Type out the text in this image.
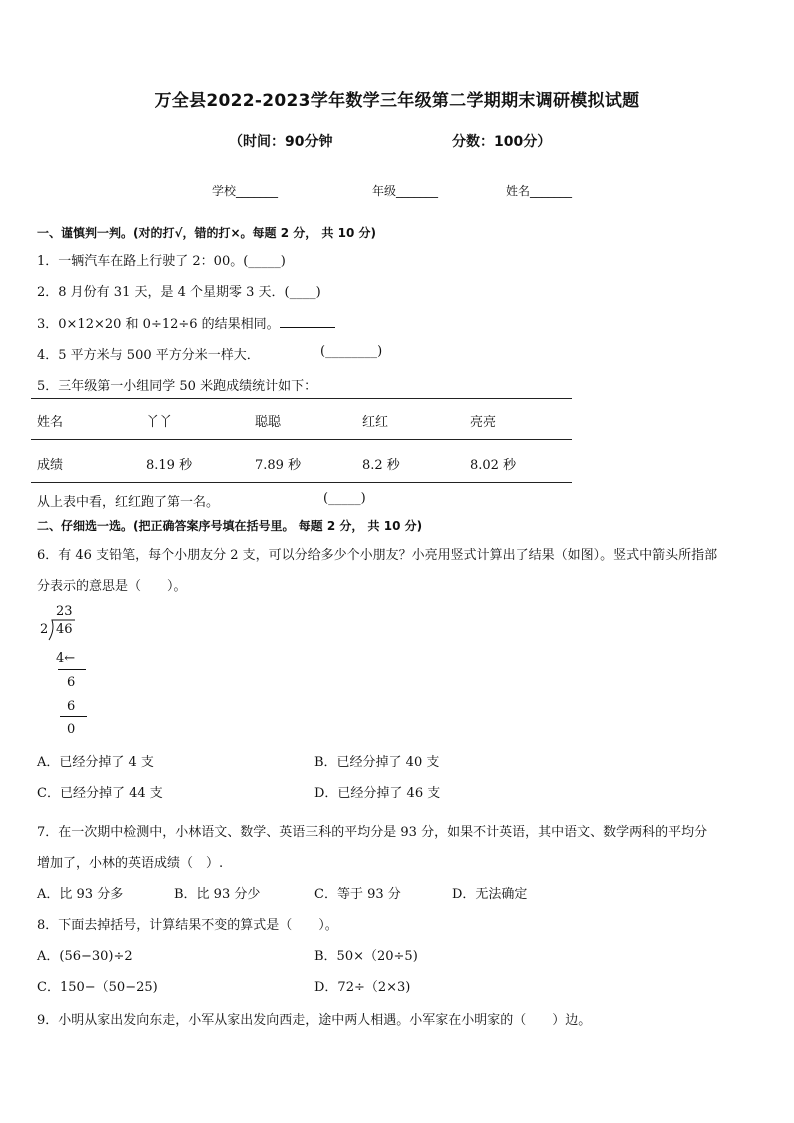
万全县2022-2023学年数学三年级第二学期期末调研模拟试题
（时间：90分钟	分数：100分）
学校_______	年级_______	姓名_______
一、谨慎判一判。(对的打√，错的打×。每题 2 分， 共 10 分)
1．一辆汽车在路上行驶了 2：00。(_____)
2．8 月份有 31 天，是 4 个星期零 3 天．(____)
3．0×12×20 和 0÷12÷6 的结果相同。
4．5 平方米与 500 平方分米一样大．	(________)
5．三年级第一小组同学 50 米跑成绩统计如下：
姓名	丫丫	聪聪	红红	亮亮
成绩	8.19 秒	7.89 秒	8.2 秒	8.02 秒
从上表中看，红红跑了第一名。	(_____)
二、仔细选一选。(把正确答案序号填在括号里。 每题 2 分， 共 10 分)
6．有 46 支铅笔，每个小朋友分 2 支，可以分给多少个小朋友？小亮用竖式计算出了结果（如图）。竖式中箭头所指部
分表示的意思是（　　）。
23
2 46
4←
6
6
0
A．已经分掉了 4 支	B．已经分掉了 40 支
C．已经分掉了 44 支	D．已经分掉了 46 支
7．在一次期中检测中，小林语文、数学、英语三科的平均分是 93 分，如果不计英语，其中语文、数学两科的平均分
增加了，小林的英语成绩（　）.
A．比 93 分多	B．比 93 分少	C．等于 93 分	D．无法确定
8．下面去掉括号，计算结果不变的算式是（　　）。
A．(56−30)÷2	B．50×（20÷5)
C．150−（50−25)	D．72÷（2×3)
9．小明从家出发向东走，小军从家出发向西走，途中两人相遇。小军家在小明家的（　　）边。
